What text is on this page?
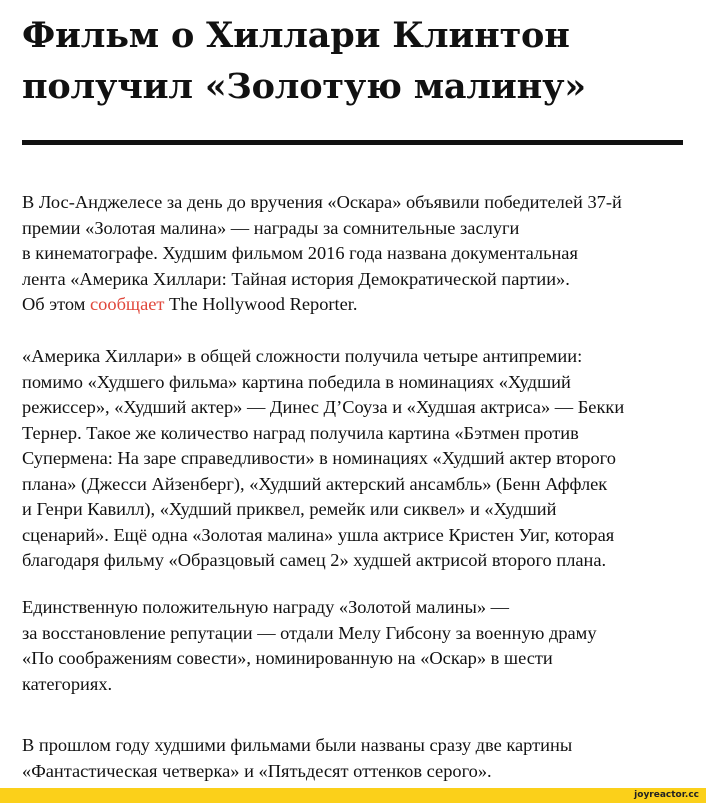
Фильм о Хиллари Клинтон
получил «Золотую малину»

В Лос-Анджелесе за день до вручения «Оскара» объявили победителей 37-й
премии «Золотая малина» — награды за сомнительные заслуги
в кинематографе. Худшим фильмом 2016 года названа документальная
лента «Америка Хиллари: Тайная история Демократической партии».
Об этом сообщает The Hollywood Reporter.

«Америка Хиллари» в общей сложности получила четыре антипремии:
помимо «Худшего фильма» картина победила в номинациях «Худший
режиссер», «Худший актер» — Динес Д’Соуза и «Худшая актриса» — Бекки
Тернер. Такое же количество наград получила картина «Бэтмен против
Супермена: На заре справедливости» в номинациях «Худший актер второго
плана» (Джесси Айзенберг), «Худший актерский ансамбль» (Бенн Аффлек
и Генри Кавилл), «Худший приквел, ремейк или сиквел» и «Худший
сценарий». Ещё одна «Золотая малина» ушла актрисе Кристен Уиг, которая
благодаря фильму «Образцовый самец 2» худшей актрисой второго плана.

Единственную положительную награду «Золотой малины» —
за восстановление репутации — отдали Мелу Гибсону за военную драму
«По соображениям совести», номинированную на «Оскар» в шести
категориях.

В прошлом году худшими фильмами были названы сразу две картины
«Фантастическая четверка» и «Пятьдесят оттенков серого».

joyreactor.cc
